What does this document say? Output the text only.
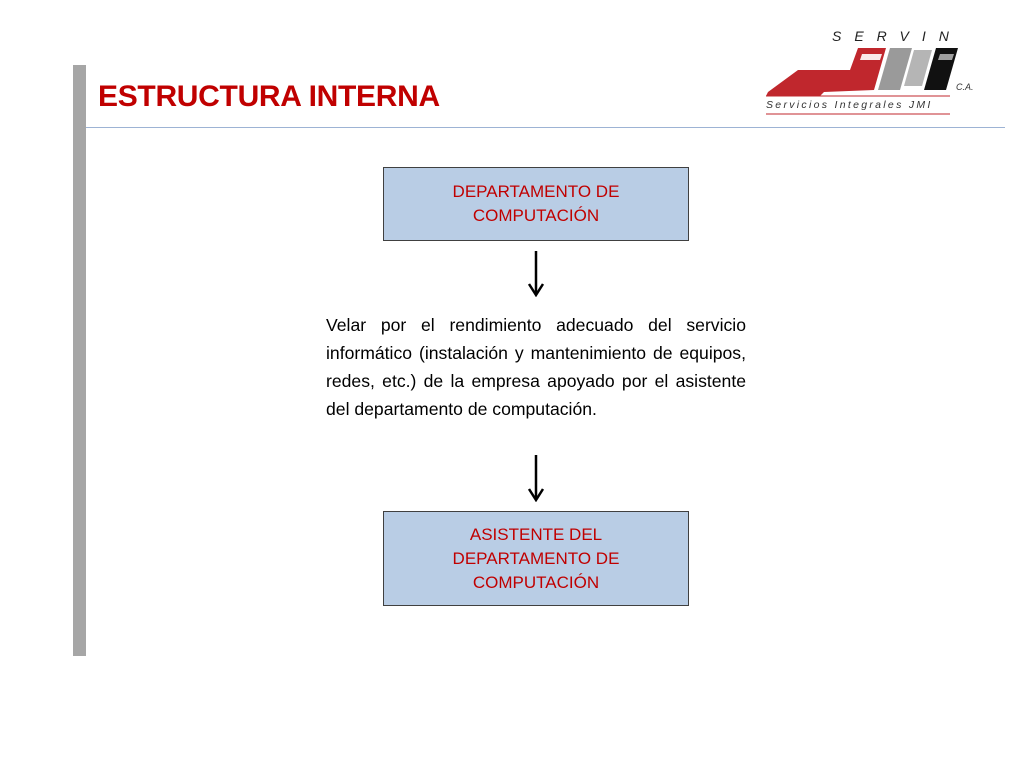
ESTRUCTURA INTERNA
SERVIN
C.A.
Servicios Integrales JMI
DEPARTAMENTO DE
COMPUTACIÓN
Velar por el rendimiento adecuado del servicio informático (instalación y mantenimiento de equipos, redes, etc.) de la empresa apoyado por el asistente del departamento de computación.
ASISTENTE DEL
DEPARTAMENTO DE
COMPUTACIÓN
